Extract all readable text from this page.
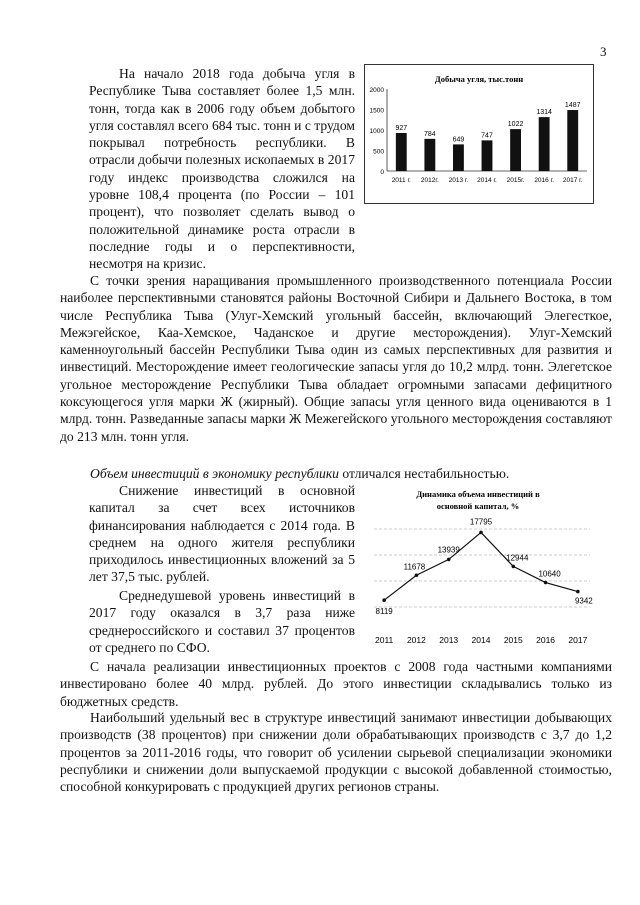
3

На начало 2018 года добыча угля в Республике Тыва составляет более 1,5 млн. тонн, тогда как в 2006 году объем добытого угля составлял всего 684 тыс. тонн и с трудом покрывал потребность республики. В отрасли добычи полезных ископаемых в 2017 году индекс производства сложился на уровне 108,4 процента (по России – 101 процент), что позволяет сделать вывод о положительной динамике роста отрасли в последние годы и о перспективности, несмотря на кризис.

Добыча угля, тыс.тонн
0
500
1000
1500
2000
927
784
649
747
1022
1314
1487
2011 г. 2012г. 2013 г. 2014 г. 2015г. 2016 г. 2017 г.

С точки зрения наращивания промышленного производственного потенциала России наиболее перспективными становятся районы Восточной Сибири и Дальнего Востока, в том числе Республика Тыва (Улуг-Хемский угольный бассейн, включающий Элегесткое, Межэгейское, Каа-Хемское, Чаданское и другие месторождения). Улуг-Хемский каменноугольный бассейн Республики Тыва один из самых перспективных для развития и инвестиций. Месторождение имеет геологические запасы угля до 10,2 млрд. тонн. Элегетское угольное месторождение Республики Тыва обладает огромными запасами дефицитного коксующегося угля марки Ж (жирный). Общие запасы угля ценного вида оцениваются в 1 млрд. тонн. Разведанные запасы марки Ж Межегейского угольного месторождения составляют до 213 млн. тонн угля.

Объем инвестиций в экономику республики отличался нестабильностью.

Снижение инвестиций в основной капитал за счет всех источников финансирования наблюдается с 2014 года. В среднем на одного жителя республики приходилось инвестиционных вложений за 5 лет 37,5 тыс. рублей.

Среднедушевой уровень инвестиций в 2017 году оказался в 3,7 раза ниже среднероссийского и составил 37 процентов от среднего по СФО.

Динамика объема инвестиций в
основной капитал, %
8119
11678
13939
17795
12944
10640
9342
2011 2012 2013 2014 2015 2016 2017

С начала реализации инвестиционных проектов с 2008 года частными компаниями инвестировано более 40 млрд. рублей. До этого инвестиции складывались только из бюджетных средств.

Наибольший удельный вес в структуре инвестиций занимают инвестиции добывающих производств (38 процентов) при снижении доли обрабатывающих производств с 3,7 до 1,2 процентов за 2011-2016 годы, что говорит об усилении сырьевой специализации экономики республики и снижении доли выпускаемой продукции с высокой добавленной стоимостью, способной конкурировать с продукцией других регионов страны.
